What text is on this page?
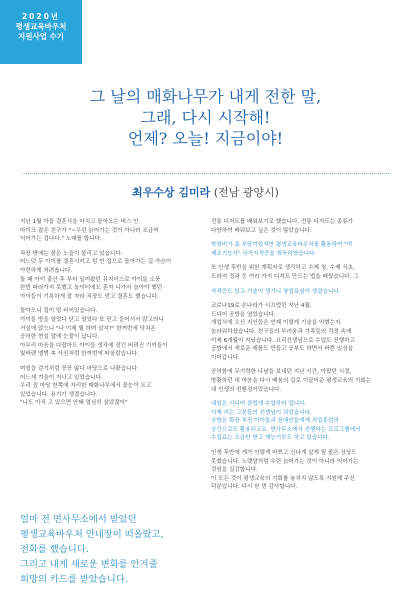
2020년
평생교육바우처
지원사업 수기
그 날의 매화나무가 내게 전한 말,
그래, 다시 시작해!
언제? 오늘! 지금이야!
최우수상 김미라 (전남 광양시)

지난 1월 아들 결혼식을 마치고 돌아오는 버스 안.
마이크 잡은 친구가 "~우린 늙어가는 것이 아니라 조금씩
익어가는 겁니다." 노래를 합니다.

차창 밖에는 붉은 노을이 물리고 있습니다.
어느덧 두 아이를 결혼시키고 텅 빈 집으로 돌아가는 길 가슴이
아련하게 저려옵니다.
돌 때 아이 출산 후 부터 일어왔던 뮤지더스로 아이들 소풍
한번 따라가지 못했고 놀이터에도 혼자 나가서 놀아야 했던
아이들이 기특하게 잘 자라 직장도 얻고 결혼도 했습니다.

돌아오니 집이 텅 비어있습니다.
아이들 방을 열었다 닫고 열었다 또 닫고 들어서서 앉고라니
거실에 앉으니 "나 이제 뭘 하며 살지?" 한꺼번에 닥쳐온
공허한 현실 앞에 눈물이 납니다.
아무리 마음을 다잡아도 아이들 생각에 잠긴 버려진 기억들이
빛바랜 앨범 속 사진처럼 한꺼번에 떠올랐습니다.

며칠을 감기처럼 꽁꽁 앓다 마당으로 나왔습니다.
어느새 겨울이 지나고 있었습니다.
우리 집 마당 한쪽에 자리한 매화나무에서 꽃눈이 트고
있었습니다. 용기가 생겼습니다.
"나도 아직 고 있으면 안돼 열심히 살았잖아"

얼마 전 면사무소에서 받았던
평생교육바우처 안내장이 떠올랐고,
전화를 했습니다.
그리고 내게 새로운 변화를 안겨줄
희망의 카드를 받았습니다.

전통 디저트를 배워보기로 했습니다. 전통 디저트는 종류가
다양하여 배워보고 싶은 것이 많았습니다.

학원비가 좀 부담이었지만 평생교육바우처를 활용하여 "떡
제조기능사" 국가자격증을 취득하였습니다.

또 인생 후반을 위한 계획자로 생각하고 수제 청, 수제 식초,
도라지 정과 등 여러 가지 디저트 만드는 법을 배웠습니다. 그

자격증도 있고 기술이 생기니 창업욕심이 생겼습니다.

코로나19로 온나라가 시끄럽던 지난 4월.
드디어 공방을 열었습니다.
개업식에 오신 지인들은 언제 이렇게 기술을 익혔는지
놀라워하셨습니다. 친구들의 부러움과 가족들의 걱정 속에
이제 6개월이 지났습니다. 요리선생님으로 수업도 진행하고
공방에서 새로운 제품도 만들고 공부도 하면서 바쁜 일상을
이어갑니다.

공허함에 무기력한 나날을 보내던 지난 시간, 아팠던 시절,
방황하던 내 마음을 다시 배움의 길로 이끌어준 평생교육의 기회는
내 인생의 전환점이었습니다.

내일은 시니어 클럽에 수업하러 갑니다.
이제 저는 그분들의 선생님이 되었습니다.
공방은 확장 부진 아이들과 장애인들에게 직업훈련의
공간으로도 활용되고요. 면사무소에서 진행하는 프로그램에서
수업료는 조금만 받고 재능기부도 하고 있습니다.

인생 후반에 게가 이렇게 바쁘고 신나게 살게 될 줄은 상상도
못했습니다. 노랫말처럼 우린 늙어가는 것이 아니라 익어가는
것임을 실감합니다.
이 모든 것이 평생교육의 기회를 놓치지 않도록 지원해 주신
덕분입니다. 다시 한 번 감사합니다.
